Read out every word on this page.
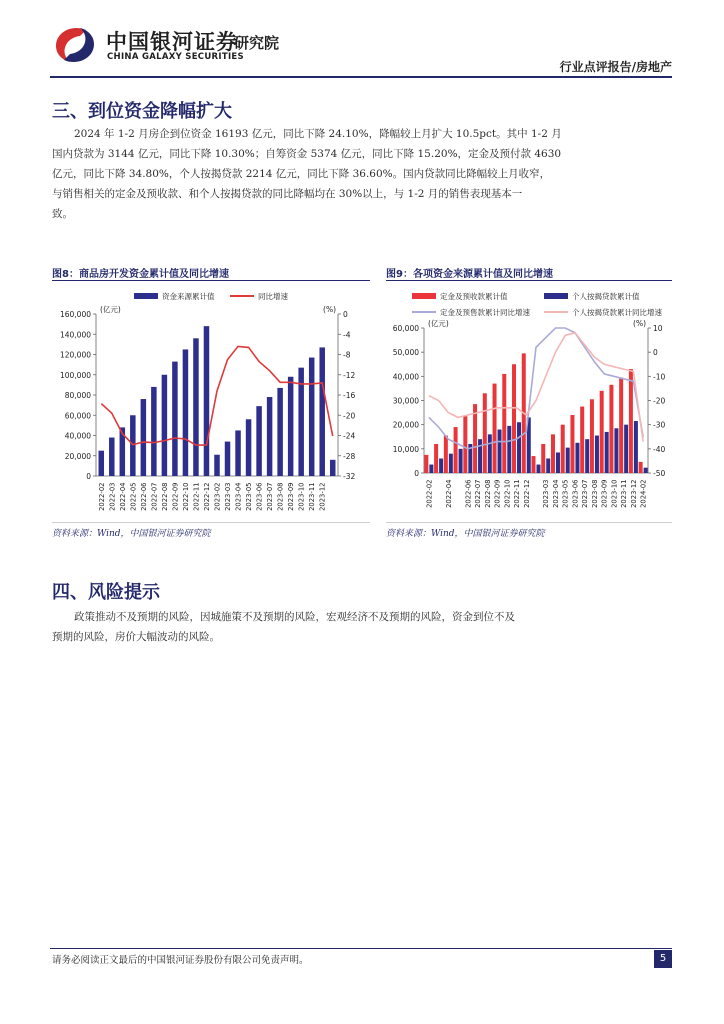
中国银河证券
研究院
CHINA GALAXY SECURITIES
行业点评报告/房地产
三、到位资金降幅扩大
2024 年 1-2 月房企到位资金 16193 亿元，同比下降 24.10%，降幅较上月扩大 10.5pct。其中 1-2 月
国内贷款为 3144 亿元，同比下降 10.30%；自筹资金 5374 亿元，同比下降 15.20%，定金及预付款 4630
亿元，同比下降 34.80%，个人按揭贷款 2214 亿元，同比下降 36.60%。国内贷款同比降幅较上月收窄，
与销售相关的定金及预收款、和个人按揭贷款的同比降幅均在 30%以上，与 1-2 月的销售表现基本一
致。
图8：商品房开发资金累计值及同比增速
160,000
140,000
120,000
100,000
80,000
60,000
40,000
20,000
0
0
-4
-8
-12
-16
-20
-24
-28
-32
(亿元)	(%)
2022-02 2022-03 2022-04 2022-05 2022-06 2022-07 2022-08 2022-09 2022-10 2022-11 2022-12 2023-02 2023-03 2023-04 2023-05 2023-06 2023-07 2023-08 2023-09 2023-10 2023-11 2023-12
资金来源累计值	同比增速
资料来源：Wind，中国银河证券研究院
图9：各项资金来源累计值及同比增速
60,000
50,000
40,000
30,000
20,000
10,000
0
10
0
-10
-20
-30
-40
-50
(亿元)	(%)
2022-02 2022-04 2022-06 2022-07 2022-08 2022-09 2022-10 2022-11 2022-12 2023-03 2023-04 2023-05 2023-06 2023-07 2023-08 2023-09 2023-10 2023-11 2023-12 2024-02
定金及预收款累计值	个人按揭贷款累计值
定金及预售款累计同比增速	个人按揭贷款累计同比增速
资料来源：Wind，中国银河证券研究院
四、风险提示
政策推动不及预期的风险，因城施策不及预期的风险，宏观经济不及预期的风险，资金到位不及
预期的风险，房价大幅波动的风险。
请务必阅读正文最后的中国银河证券股份有限公司免责声明。	5
